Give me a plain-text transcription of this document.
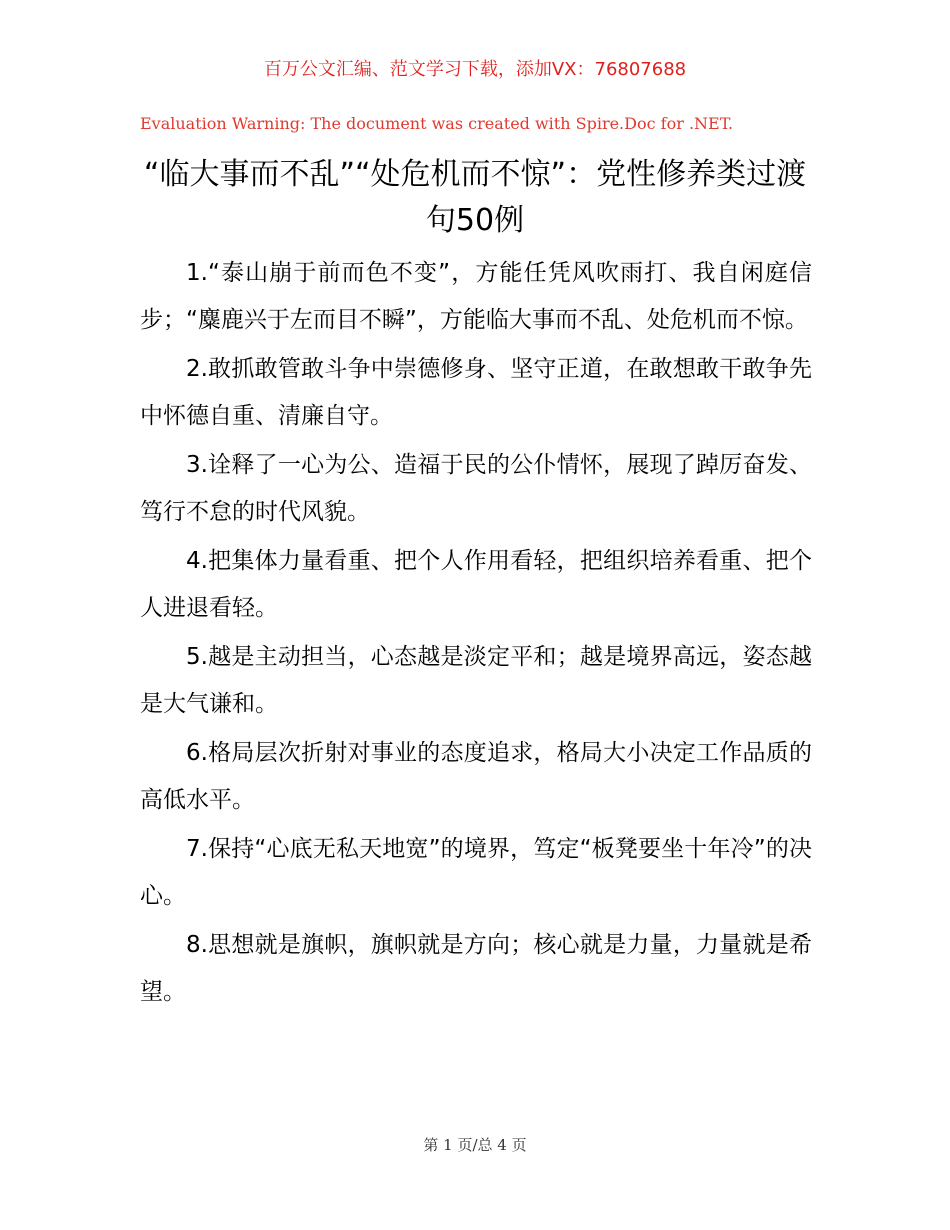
百万公文汇编、范文学习下载，添加VX：76807688
Evaluation Warning: The document was created with Spire.Doc for .NET.
“临大事而不乱”“处危机而不惊”：党性修养类过渡句50例

1.“泰山崩于前而色不变”，方能任凭风吹雨打、我自闲庭信步；“麋鹿兴于左而目不瞬”，方能临大事而不乱、处危机而不惊。

2.敢抓敢管敢斗争中崇德修身、坚守正道，在敢想敢干敢争先中怀德自重、清廉自守。

3.诠释了一心为公、造福于民的公仆情怀，展现了踔厉奋发、笃行不怠的时代风貌。

4.把集体力量看重、把个人作用看轻，把组织培养看重、把个人进退看轻。

5.越是主动担当，心态越是淡定平和；越是境界高远，姿态越是大气谦和。

6.格局层次折射对事业的态度追求，格局大小决定工作品质的高低水平。

7.保持“心底无私天地宽”的境界，笃定“板凳要坐十年冷”的决心。

8.思想就是旗帜，旗帜就是方向；核心就是力量，力量就是希望。

第 1 页/总 4 页
